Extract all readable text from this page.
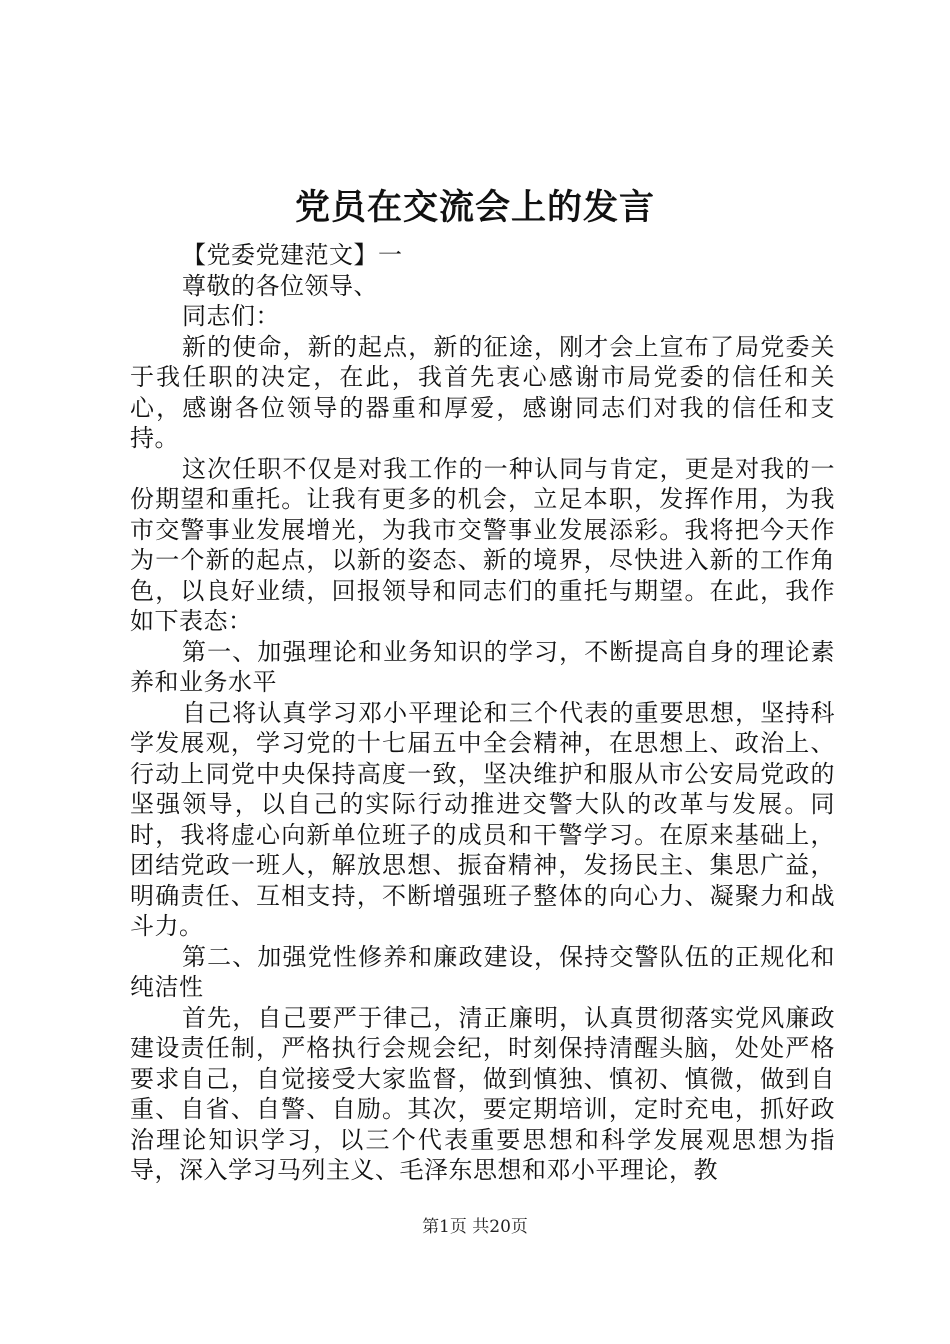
党员在交流会上的发言

【党委党建范文】一

尊敬的各位领导、

同志们：

新的使命，新的起点，新的征途，刚才会上宣布了局党委关于我任职的决定，在此，我首先衷心感谢市局党委的信任和关心，感谢各位领导的器重和厚爱，感谢同志们对我的信任和支持。

这次任职不仅是对我工作的一种认同与肯定，更是对我的一份期望和重托。让我有更多的机会，立足本职，发挥作用，为我市交警事业发展增光，为我市交警事业发展添彩。我将把今天作为一个新的起点，以新的姿态、新的境界，尽快进入新的工作角色，以良好业绩，回报领导和同志们的重托与期望。在此，我作如下表态：

第一、加强理论和业务知识的学习，不断提高自身的理论素养和业务水平

自己将认真学习邓小平理论和三个代表的重要思想，坚持科学发展观，学习党的十七届五中全会精神，在思想上、政治上、行动上同党中央保持高度一致，坚决维护和服从市公安局党政的坚强领导，以自己的实际行动推进交警大队的改革与发展。同时，我将虚心向新单位班子的成员和干警学习。在原来基础上，团结党政一班人，解放思想、振奋精神，发扬民主、集思广益，明确责任、互相支持，不断增强班子整体的向心力、凝聚力和战斗力。

第二、加强党性修养和廉政建设，保持交警队伍的正规化和纯洁性

首先，自己要严于律己，清正廉明，认真贯彻落实党风廉政建设责任制，严格执行会规会纪，时刻保持清醒头脑，处处严格要求自己，自觉接受大家监督，做到慎独、慎初、慎微，做到自重、自省、自警、自励。其次，要定期培训，定时充电，抓好政治理论知识学习，以三个代表重要思想和科学发展观思想为指导，深入学习马列主义、毛泽东思想和邓小平理论，教

第1页 共20页
